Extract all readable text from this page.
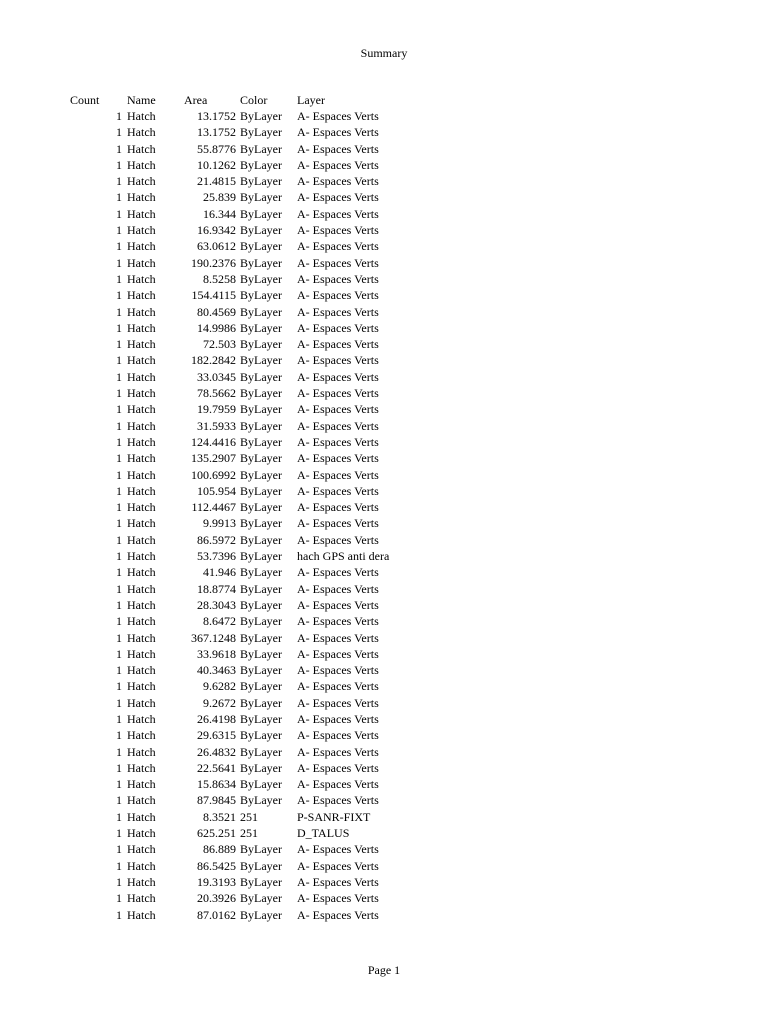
Summary
Count Name Area	Color Layer
1 Hatch	13.1752 ByLayer A- Espaces Verts
1 Hatch	13.1752 ByLayer A- Espaces Verts
1 Hatch	55.8776 ByLayer A- Espaces Verts
1 Hatch	10.1262 ByLayer A- Espaces Verts
1 Hatch	21.4815 ByLayer A- Espaces Verts
1 Hatch	25.839 ByLayer A- Espaces Verts
1 Hatch	16.344 ByLayer A- Espaces Verts
1 Hatch	16.9342 ByLayer A- Espaces Verts
1 Hatch	63.0612 ByLayer A- Espaces Verts
1 Hatch	190.2376 ByLayer A- Espaces Verts
1 Hatch	8.5258 ByLayer A- Espaces Verts
1 Hatch	154.4115 ByLayer A- Espaces Verts
1 Hatch	80.4569 ByLayer A- Espaces Verts
1 Hatch	14.9986 ByLayer A- Espaces Verts
1 Hatch	72.503 ByLayer A- Espaces Verts
1 Hatch	182.2842 ByLayer A- Espaces Verts
1 Hatch	33.0345 ByLayer A- Espaces Verts
1 Hatch	78.5662 ByLayer A- Espaces Verts
1 Hatch	19.7959 ByLayer A- Espaces Verts
1 Hatch	31.5933 ByLayer A- Espaces Verts
1 Hatch	124.4416 ByLayer A- Espaces Verts
1 Hatch	135.2907 ByLayer A- Espaces Verts
1 Hatch	100.6992 ByLayer A- Espaces Verts
1 Hatch	105.954 ByLayer A- Espaces Verts
1 Hatch	112.4467 ByLayer A- Espaces Verts
1 Hatch	9.9913 ByLayer A- Espaces Verts
1 Hatch	86.5972 ByLayer A- Espaces Verts
1 Hatch	53.7396 ByLayer hach GPS anti dera
1 Hatch	41.946 ByLayer A- Espaces Verts
1 Hatch	18.8774 ByLayer A- Espaces Verts
1 Hatch	28.3043 ByLayer A- Espaces Verts
1 Hatch	8.6472 ByLayer A- Espaces Verts
1 Hatch	367.1248 ByLayer A- Espaces Verts
1 Hatch	33.9618 ByLayer A- Espaces Verts
1 Hatch	40.3463 ByLayer A- Espaces Verts
1 Hatch	9.6282 ByLayer A- Espaces Verts
1 Hatch	9.2672 ByLayer A- Espaces Verts
1 Hatch	26.4198 ByLayer A- Espaces Verts
1 Hatch	29.6315 ByLayer A- Espaces Verts
1 Hatch	26.4832 ByLayer A- Espaces Verts
1 Hatch	22.5641 ByLayer A- Espaces Verts
1 Hatch	15.8634 ByLayer A- Espaces Verts
1 Hatch	87.9845 ByLayer A- Espaces Verts
1 Hatch	8.3521 251	P-SANR-FIXT
1 Hatch	625.251 251	D_TALUS
1 Hatch	86.889 ByLayer A- Espaces Verts
1 Hatch	86.5425 ByLayer A- Espaces Verts
1 Hatch	19.3193 ByLayer A- Espaces Verts
1 Hatch	20.3926 ByLayer A- Espaces Verts
1 Hatch	87.0162 ByLayer A- Espaces Verts
Page 1
